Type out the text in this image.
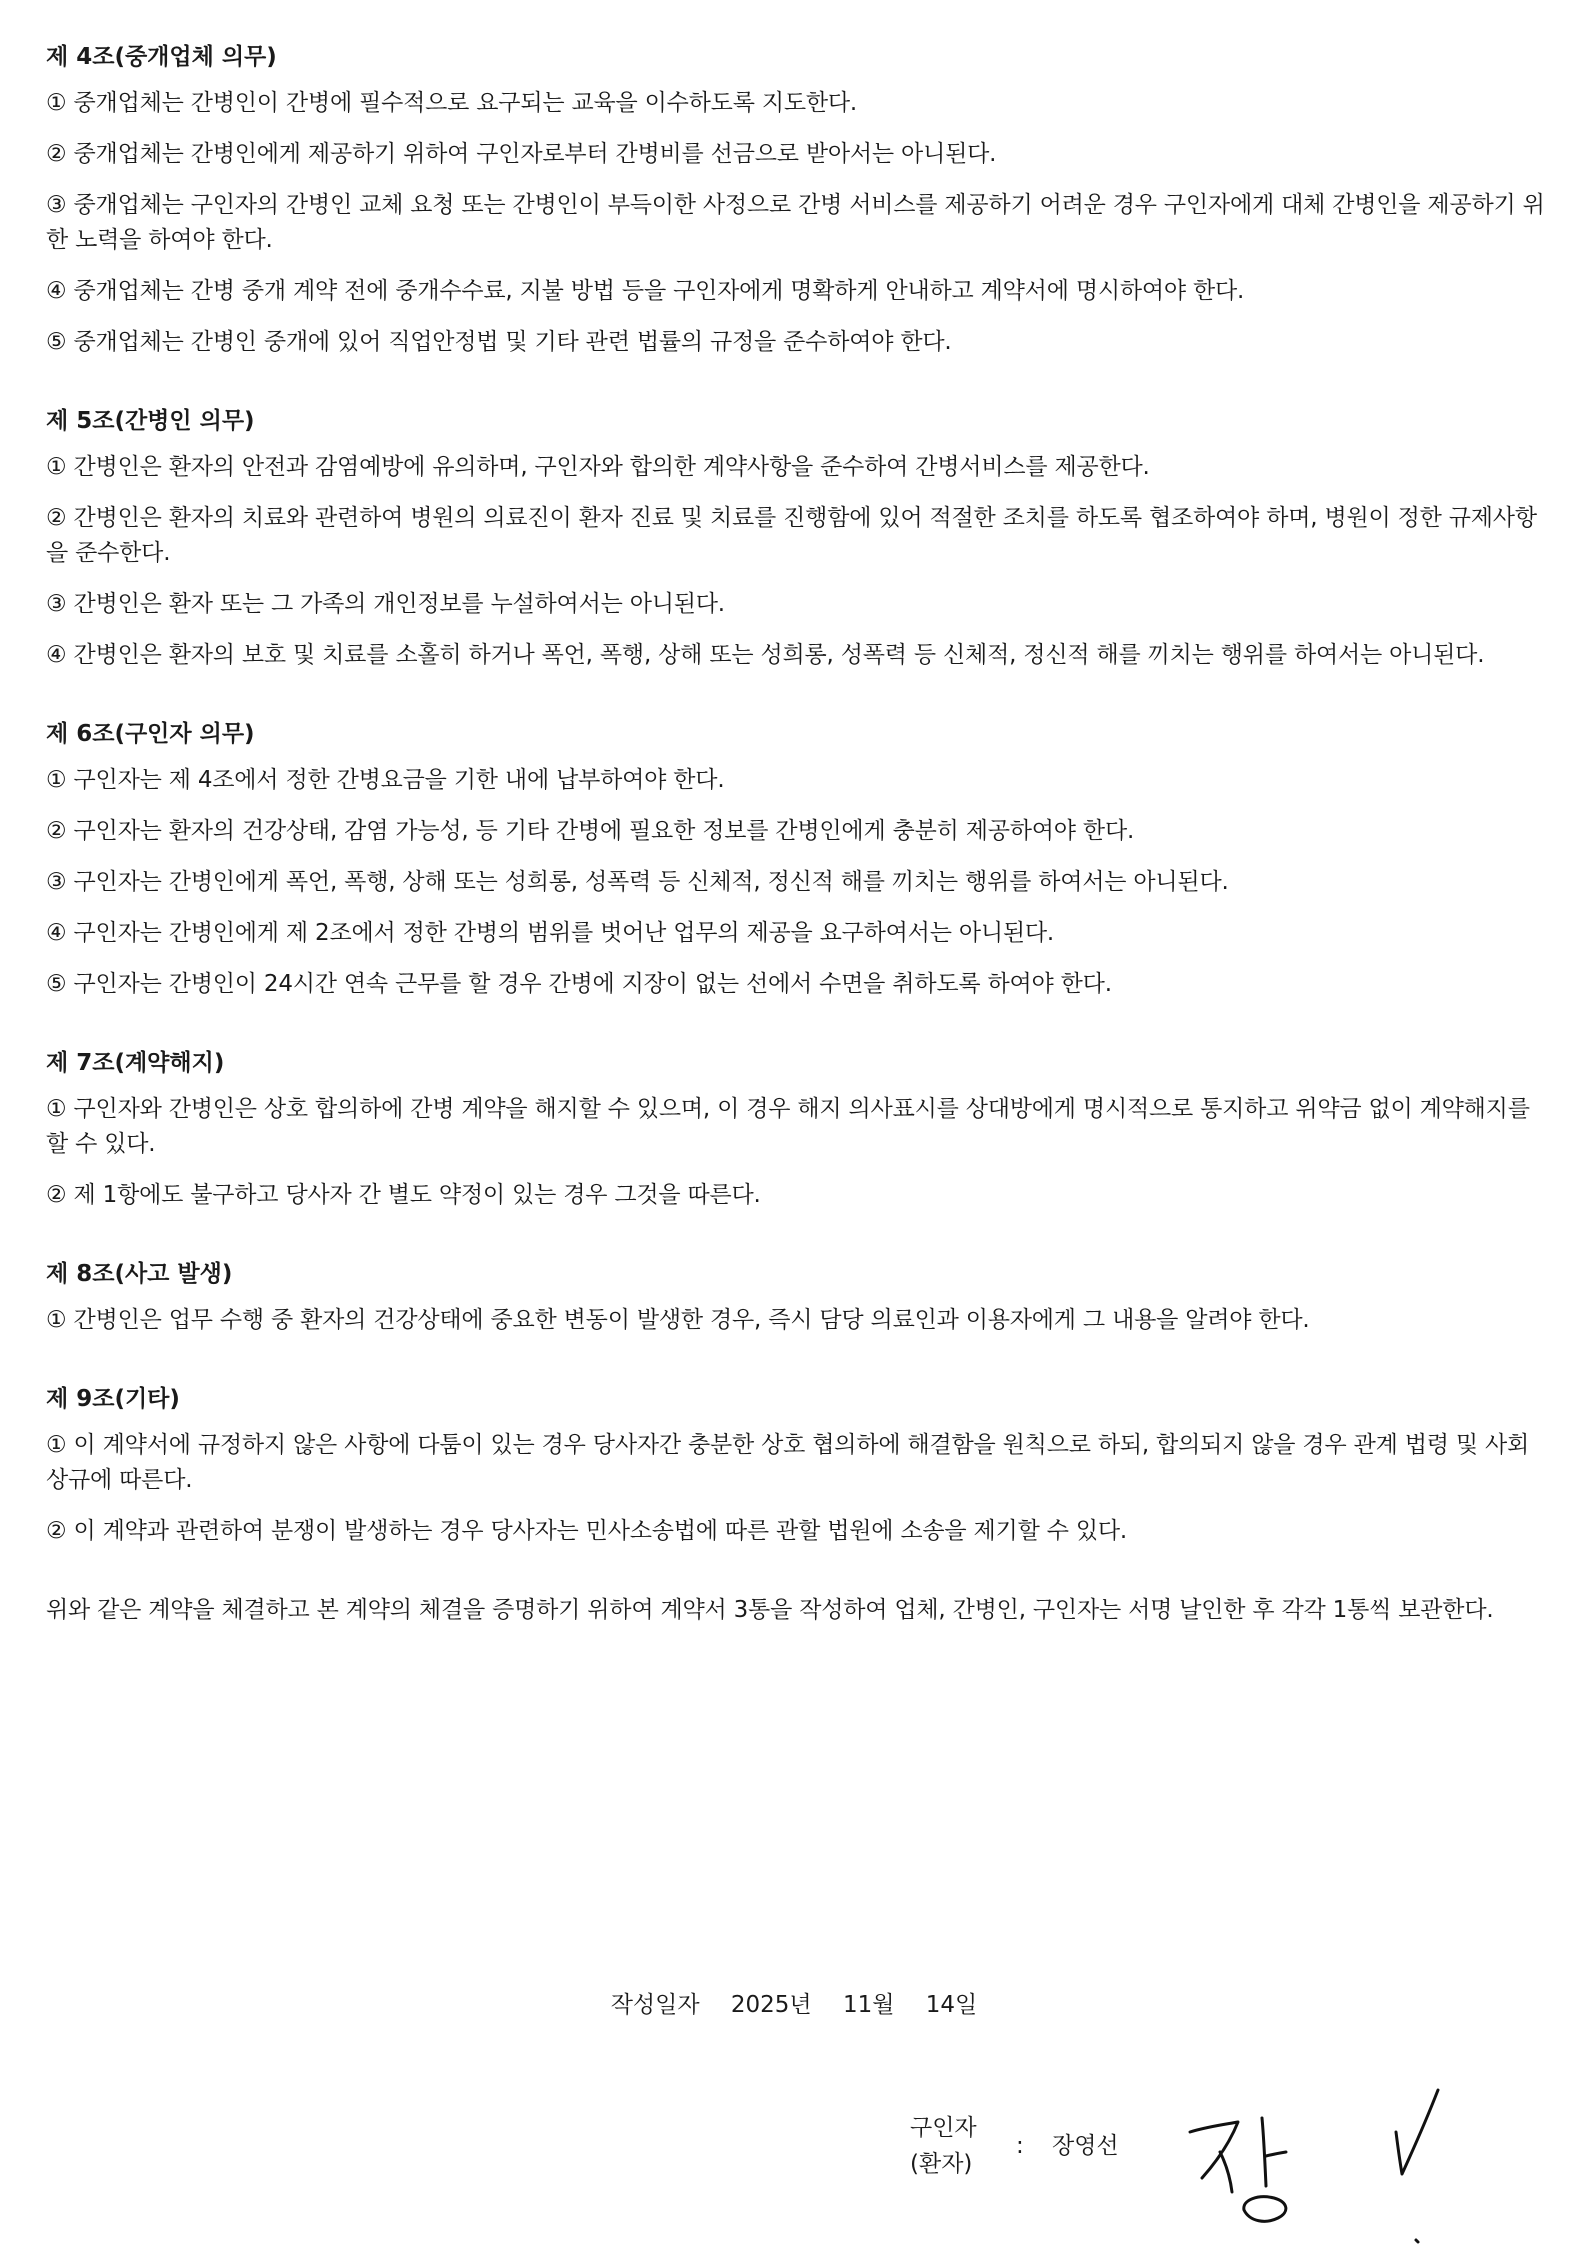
제 4조(중개업체 의무)

① 중개업체는 간병인이 간병에 필수적으로 요구되는 교육을 이수하도록 지도한다.

② 중개업체는 간병인에게 제공하기 위하여 구인자로부터 간병비를 선금으로 받아서는 아니된다.

③ 중개업체는 구인자의 간병인 교체 요청 또는 간병인이 부득이한 사정으로 간병 서비스를 제공하기 어려운 경우 구인자에게 대체 간병인을 제공하기 위한 노력을 하여야 한다.

④ 중개업체는 간병 중개 계약 전에 중개수수료, 지불 방법 등을 구인자에게 명확하게 안내하고 계약서에 명시하여야 한다.

⑤ 중개업체는 간병인 중개에 있어 직업안정법 및 기타 관련 법률의 규정을 준수하여야 한다.

제 5조(간병인 의무)

① 간병인은 환자의 안전과 감염예방에 유의하며, 구인자와 합의한 계약사항을 준수하여 간병서비스를 제공한다.

② 간병인은 환자의 치료와 관련하여 병원의 의료진이 환자 진료 및 치료를 진행함에 있어 적절한 조치를 하도록 협조하여야 하며, 병원이 정한 규제사항을 준수한다.

③ 간병인은 환자 또는 그 가족의 개인정보를 누설하여서는 아니된다.

④ 간병인은 환자의 보호 및 치료를 소홀히 하거나 폭언, 폭행, 상해 또는 성희롱, 성폭력 등 신체적, 정신적 해를 끼치는 행위를 하여서는 아니된다.

제 6조(구인자 의무)

① 구인자는 제 4조에서 정한 간병요금을 기한 내에 납부하여야 한다.

② 구인자는 환자의 건강상태, 감염 가능성, 등 기타 간병에 필요한 정보를 간병인에게 충분히 제공하여야 한다.

③ 구인자는 간병인에게 폭언, 폭행, 상해 또는 성희롱, 성폭력 등 신체적, 정신적 해를 끼치는 행위를 하여서는 아니된다.

④ 구인자는 간병인에게 제 2조에서 정한 간병의 범위를 벗어난 업무의 제공을 요구하여서는 아니된다.

⑤ 구인자는 간병인이 24시간 연속 근무를 할 경우 간병에 지장이 없는 선에서 수면을 취하도록 하여야 한다.

제 7조(계약해지)

① 구인자와 간병인은 상호 합의하에 간병 계약을 해지할 수 있으며, 이 경우 해지 의사표시를 상대방에게 명시적으로 통지하고 위약금 없이 계약해지를 할 수 있다.

② 제 1항에도 불구하고 당사자 간 별도 약정이 있는 경우 그것을 따른다.

제 8조(사고 발생)

① 간병인은 업무 수행 중 환자의 건강상태에 중요한 변동이 발생한 경우, 즉시 담당 의료인과 이용자에게 그 내용을 알려야 한다.

제 9조(기타)

① 이 계약서에 규정하지 않은 사항에 다툼이 있는 경우 당사자간 충분한 상호 협의하에 해결함을 원칙으로 하되, 합의되지 않을 경우 관계 법령 및 사회상규에 따른다.

② 이 계약과 관련하여 분쟁이 발생하는 경우 당사자는 민사소송법에 따른 관할 법원에 소송을 제기할 수 있다.

위와 같은 계약을 체결하고 본 계약의 체결을 증명하기 위하여 계약서 3통을 작성하여 업체, 간병인, 구인자는 서명 날인한 후 각각 1통씩 보관한다.

작성일자 2025년 11월 14일
구인자
(환자)
: 장영선
